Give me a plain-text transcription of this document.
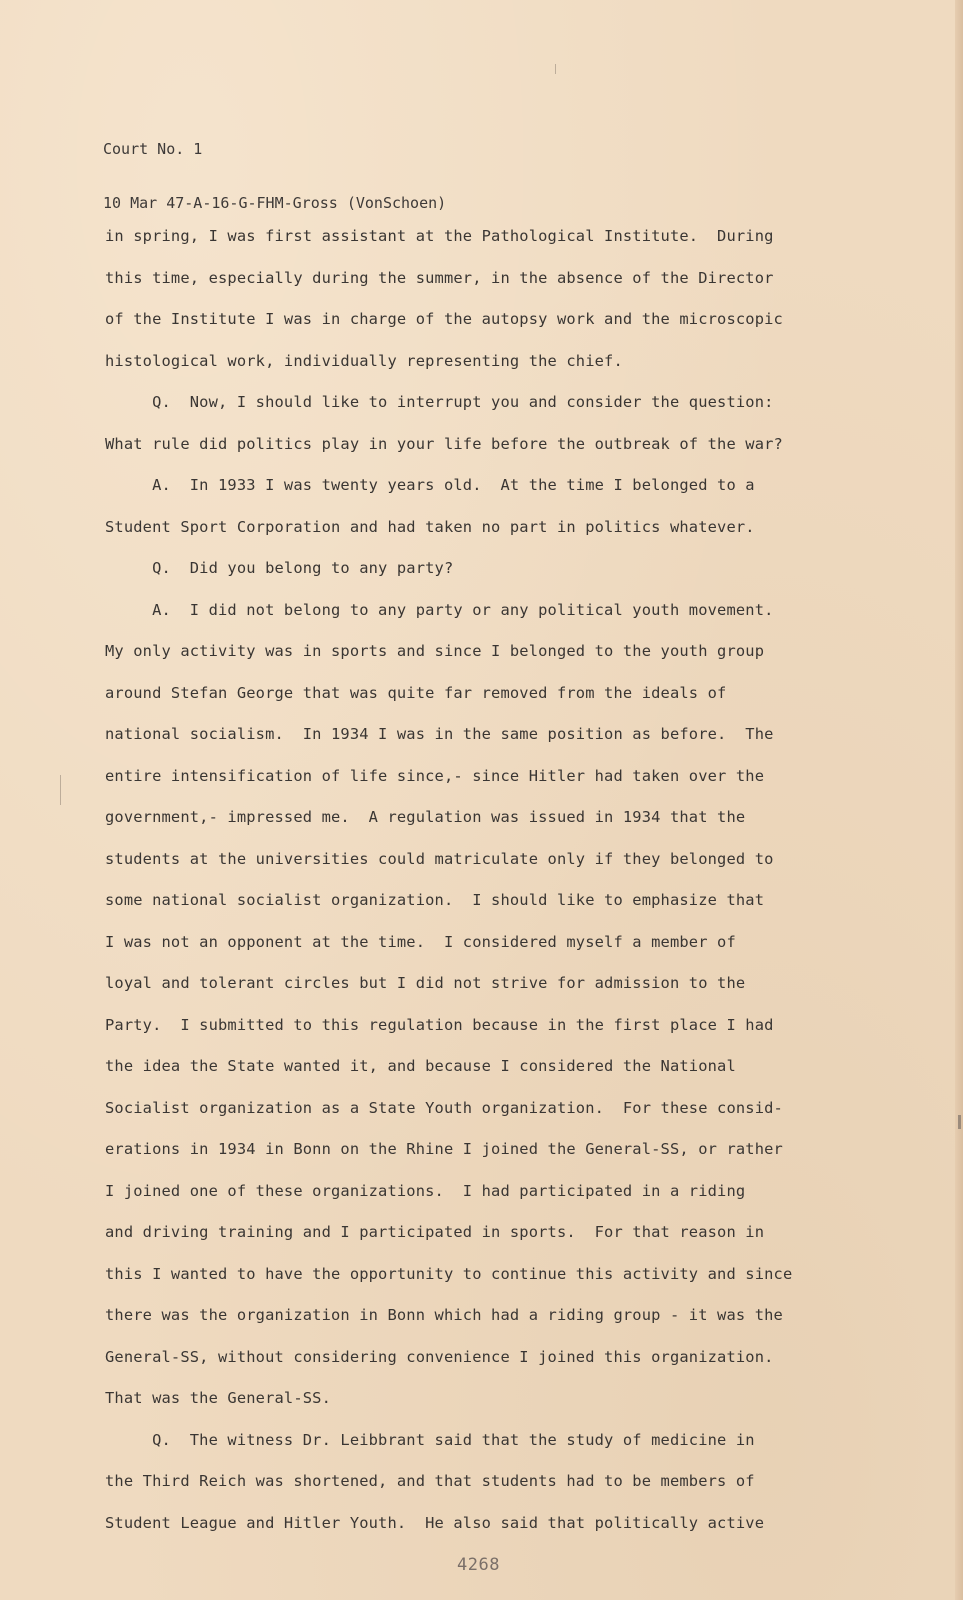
Court No. 1

10 Mar 47-A-16-G-FHM-Gross (VonSchoen)

in spring, I was first assistant at the Pathological Institute.  During
this time, especially during the summer, in the absence of the Director
of the Institute I was in charge of the autopsy work and the microscopic
histological work, individually representing the chief.
Q.  Now, I should like to interrupt you and consider the question:
What rule did politics play in your life before the outbreak of the war?
A.  In 1933 I was twenty years old.  At the time I belonged to a
Student Sport Corporation and had taken no part in politics whatever.
Q.  Did you belong to any party?
A.  I did not belong to any party or any political youth movement.
My only activity was in sports and since I belonged to the youth group
around Stefan George that was quite far removed from the ideals of
national socialism.  In 1934 I was in the same position as before.  The
entire intensification of life since,- since Hitler had taken over the
government,- impressed me.  A regulation was issued in 1934 that the
students at the universities could matriculate only if they belonged to
some national socialist organization.  I should like to emphasize that
I was not an opponent at the time.  I considered myself a member of
loyal and tolerant circles but I did not strive for admission to the
Party.  I submitted to this regulation because in the first place I had
the idea the State wanted it, and because I considered the National
Socialist organization as a State Youth organization.  For these consid-
erations in 1934 in Bonn on the Rhine I joined the General-SS, or rather
I joined one of these organizations.  I had participated in a riding
and driving training and I participated in sports.  For that reason in
this I wanted to have the opportunity to continue this activity and since
there was the organization in Bonn which had a riding group - it was the
General-SS, without considering convenience I joined this organization.
That was the General-SS.
Q.  The witness Dr. Leibbrant said that the study of medicine in
the Third Reich was shortened, and that students had to be members of
Student League and Hitler Youth.  He also said that politically active
4268
